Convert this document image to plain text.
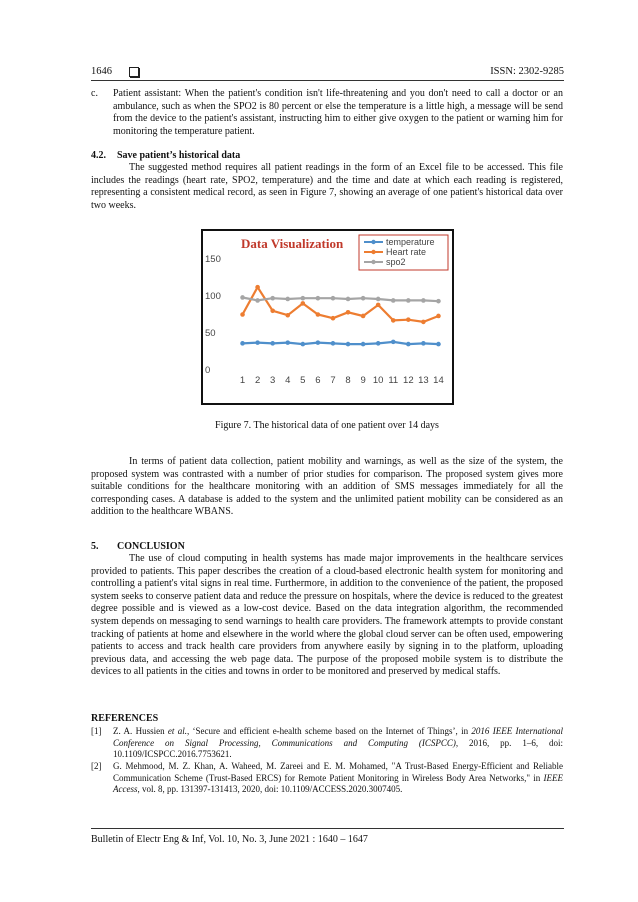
1646	ISSN: 2302-9285
c. Patient assistant: When the patient's condition isn't life-threatening and you don't need to call a doctor or an ambulance, such as when the SPO2 is 80 percent or else the temperature is a little high, a message will be send from the device to the patient's assistant, instructing him to either give oxygen to the patient or warning him for monitoring the temperature patient.
4.2. Save patient’s historical data
The suggested method requires all patient readings in the form of an Excel file to be accessed. This file includes the readings (heart rate, SPO2, temperature) and the time and date at which each reading is registered, representing a consistent medical record, as seen in Figure 7, showing an average of one patient's historical data over two weeks.
Data Visualization	temperature
Heart rate
spo2
0
50
100
150
1 2 3 4 5 6 7 8 9 10 11 12 13 14
Figure 7. The historical data of one patient over 14 days
In terms of patient data collection, patient mobility and warnings, as well as the size of the system, the proposed system was contrasted with a number of prior studies for comparison. The proposed system gives more suitable conditions for the healthcare monitoring with an addition of SMS messages immediately for all the corresponding cases. A database is added to the system and the unlimited patient mobility can be considered as an addition to the healthcare WBANS.
5. CONCLUSION
The use of cloud computing in health systems has made major improvements in the healthcare services provided to patients. This paper describes the creation of a cloud-based electronic health system for monitoring and controlling a patient's vital signs in real time. Furthermore, in addition to the convenience of the patient, the proposed system seeks to conserve patient data and reduce the pressure on hospitals, where the device is reduced to the greatest degree possible and is viewed as a low-cost device. Based on the data integration algorithm, the recommended system depends on messaging to send warnings to health care providers. The framework attempts to provide constant tracking of patients at home and elsewhere in the world where the global cloud server can be often used, empowering patients to access and track health care providers from anywhere easily by signing in to the platform, uploading previous data, and accessing the web page data. The purpose of the proposed mobile system is to distribute the devices to all patients in the cities and towns in order to be monitored and preserved by medical staffs.
REFERENCES
[1] Z. A. Hussien et al., ‘Secure and efficient e-health scheme based on the Internet of Things’, in 2016 IEEE International Conference on Signal Processing, Communications and Computing (ICSPCC), 2016, pp. 1–6, doi: 10.1109/ICSPCC.2016.7753621.
[2] G. Mehmood, M. Z. Khan, A. Waheed, M. Zareei and E. M. Mohamed, "A Trust-Based Energy-Efficient and Reliable Communication Scheme (Trust-Based ERCS) for Remote Patient Monitoring in Wireless Body Area Networks," in IEEE Access, vol. 8, pp. 131397-131413, 2020, doi: 10.1109/ACCESS.2020.3007405.
Bulletin of Electr Eng & Inf, Vol. 10, No. 3, June 2021 : 1640 – 1647
